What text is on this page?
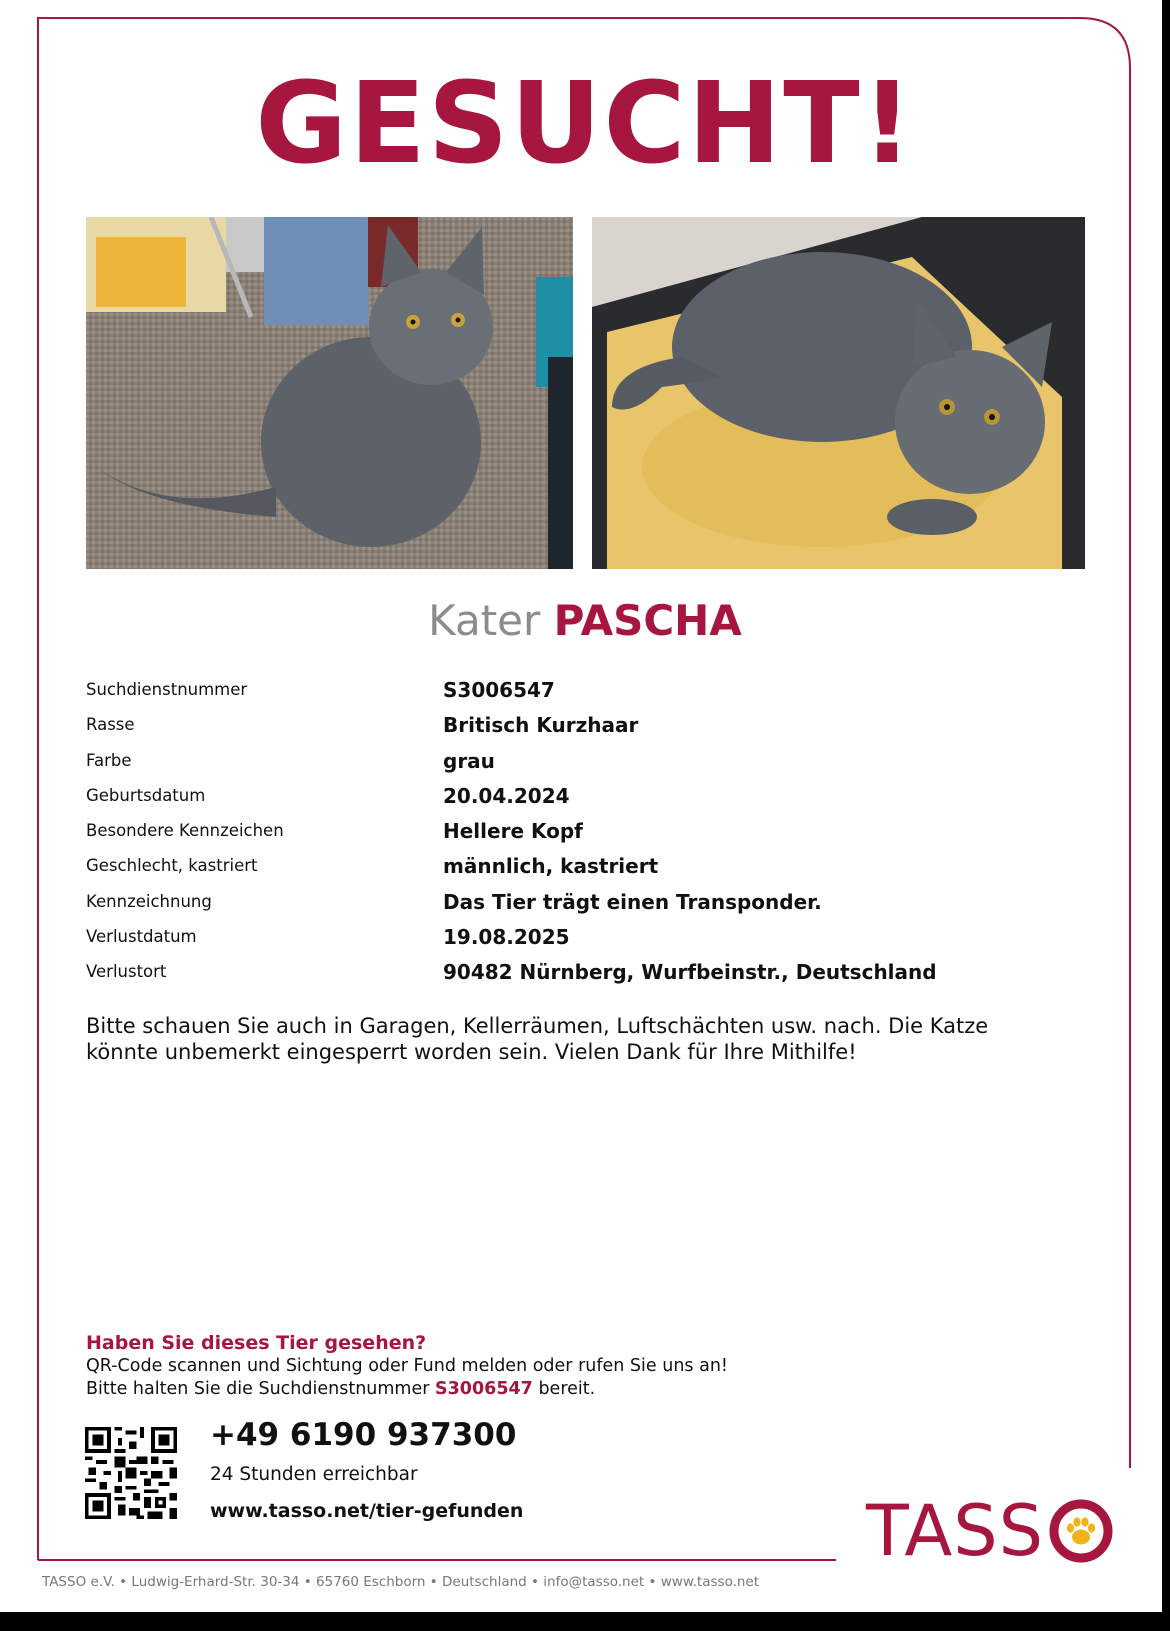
GESUCHT!
Kater PASCHA
Suchdienstnummer	S3006547
Rasse	Britisch Kurzhaar
Farbe	grau
Geburtsdatum	20.04.2024
Besondere Kennzeichen	Hellere Kopf
Geschlecht, kastriert	männlich, kastriert
Kennzeichnung	Das Tier trägt einen Transponder.
Verlustdatum	19.08.2025
Verlustort	90482 Nürnberg, Wurfbeinstr., Deutschland
Bitte schauen Sie auch in Garagen, Kellerräumen, Luftschächten usw. nach. Die Katze könnte unbemerkt eingesperrt worden sein. Vielen Dank für Ihre Mithilfe!
Haben Sie dieses Tier gesehen?
QR-Code scannen und Sichtung oder Fund melden oder rufen Sie uns an!
Bitte halten Sie die Suchdienstnummer S3006547 bereit.
+49 6190 937300
24 Stunden erreichbar
www.tasso.net/tier-gefunden	TASS
TASSO e.V. • Ludwig-Erhard-Str. 30-34 • 65760 Eschborn • Deutschland • info@tasso.net • www.tasso.net
